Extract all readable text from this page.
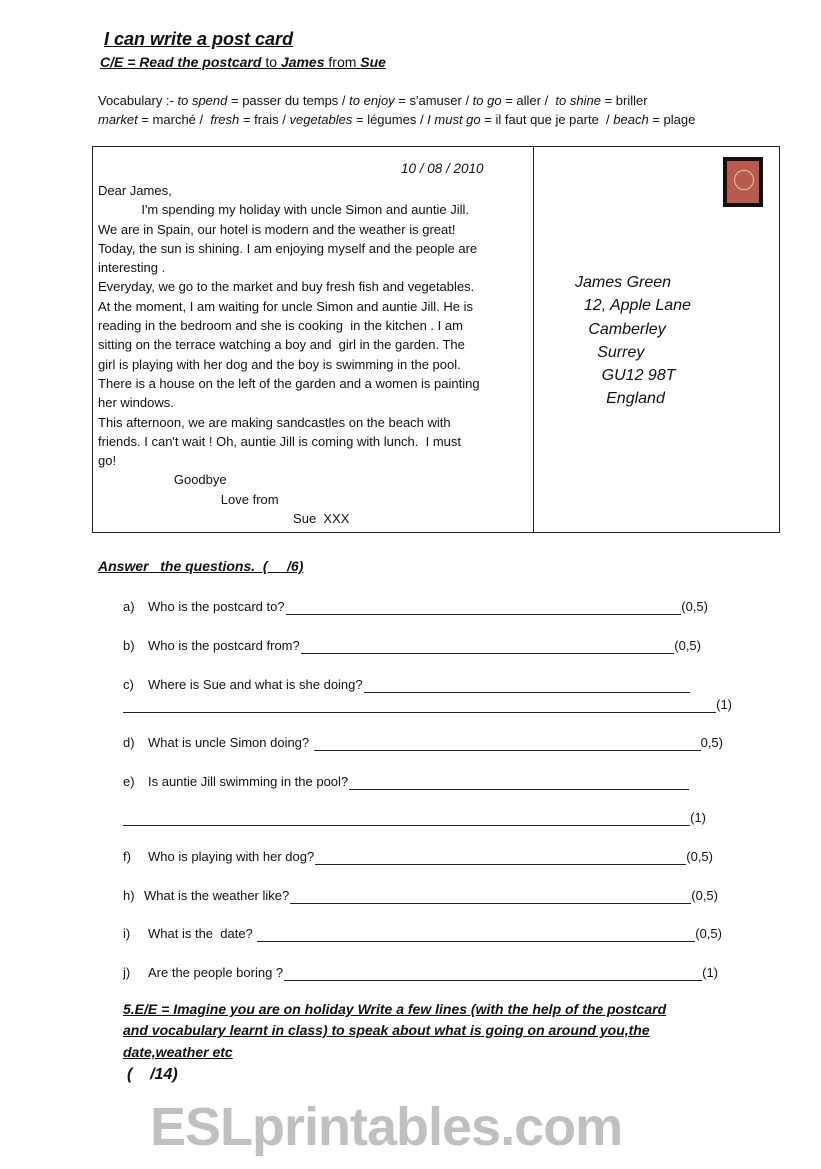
I can write a post card
C/E = Read the postcard to James from Sue
Vocabulary :- to spend = passer du temps / to enjoy = s'amuser / to go = aller /  to shine = briller
market = marché /  fresh = frais / vegetables = légumes / I must go = il faut que je parte  / beach = plage
10 / 08 / 2010
Dear James,
I'm spending my holiday with uncle Simon and auntie Jill.
We are in Spain, our hotel is modern and the weather is great!
Today, the sun is shining. I am enjoying myself and the people are
interesting .
Everyday, we go to the market and buy fresh fish and vegetables.
At the moment, I am waiting for uncle Simon and auntie Jill. He is
reading in the bedroom and she is cooking  in the kitchen . I am
sitting on the terrace watching a boy and  girl in the garden. The
girl is playing with her dog and the boy is swimming in the pool.
There is a house on the left of the garden and a women is painting
her windows.
This afternoon, we are making sandcastles on the beach with
friends. I can't wait ! Oh, auntie Jill is coming with lunch.  I must
go!
Goodbye
Love from
Sue  XXX
James Green
12, Apple Lane
Camberley
Surrey
GU12 98T
England
Answer   the questions.  (     /6)
a)	Who is the postcard to?	(0,5)
b)	Who is the postcard from?	(0,5)
c)	Where is Sue and what is she doing?
(1)
d)	What is uncle Simon doing?	0,5)
e)	Is auntie Jill swimming in the pool?
(1)
f)	Who is playing with her dog?	(0,5)
h) What is the weather like?	(0,5)
i)	What is the  date?	(0,5)
j)	Are the people boring ?	(1)
5.E/E = Imagine you are on holiday Write a few lines (with the help of the postcard
and vocabulary learnt in class) to speak about what is going on around you,the
date,weather etc
(    /14)
ESLprintables.com
